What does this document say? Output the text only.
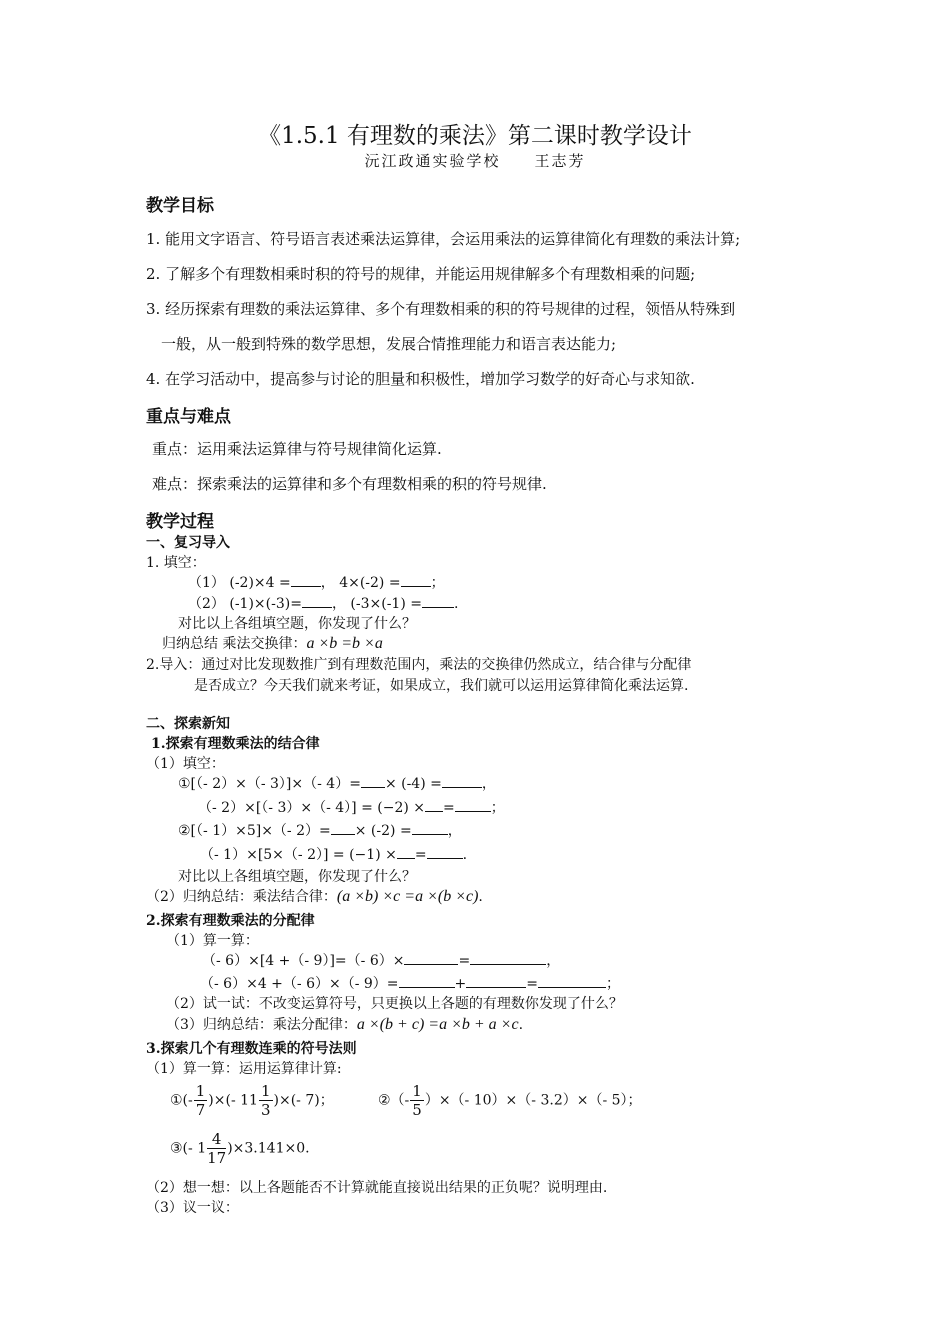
《1.5.1 有理数的乘法》第二课时教学设计
沅江政通实验学校　　王志芳
教学目标
1. 能用文字语言、符号语言表述乘法运算律，会运用乘法的运算律简化有理数的乘法计算;
2. 了解多个有理数相乘时积的符号的规律，并能运用规律解多个有理数相乘的问题;
3. 经历探索有理数的乘法运算律、多个有理数相乘的积的符号规律的过程，领悟从特殊到
一般，从一般到特殊的数学思想，发展合情推理能力和语言表达能力;
4. 在学习活动中，提高参与讨论的胆量和积极性，增加学习数学的好奇心与求知欲.
重点与难点
重点：运用乘法运算律与符号规律简化运算.
难点：探索乘法的运算律和多个有理数相乘的积的符号规律.
教学过程
一、复习导入
1. 填空：
（1） (-2)×4 = ， 4×(-2) = ；
（2） (-1)×(-3)= ， (-3×(-1) = .
对比以上各组填空题，你发现了什么？
归纳总结 乘法交换律：a ×b =b ×a
2.导入：通过对比发现数推广到有理数范围内，乘法的交换律仍然成立，结合律与分配律
是否成立？今天我们就来考证，如果成立，我们就可以运用运算律简化乘法运算.
二、探索新知
1.探索有理数乘法的结合律
（1）填空：
①[（- 2）×（- 3）]×（- 4）= × (-4) =	，
（- 2）×[（- 3）×（- 4）] = (−2) × =	；
②[（- 1）×5]×（- 2）= × (-2) =	，
（- 1）×[5×（- 2）] = (−1) × =	.
对比以上各组填空题，你发现了什么？
（2）归纳总结：乘法结合律：(a ×b) ×c =a ×(b ×c).
2.探索有理数乘法的分配律
（1）算一算：
（- 6）×[4 +（- 9）]=（- 6）×	=	，
（- 6）×4 +（- 6）×（- 9）=	+	=	；
（2）试一试：不改变运算符号，只更换以上各题的有理数你发现了什么？
（3）归纳总结：乘法分配律：a ×(b + c) =a ×b + a ×c.
3.探索几个有理数连乘的符号法则
（1）算一算：运用运算律计算:
①(- $\frac{1}{7}$ )×(- $11 \frac{1}{3}$ )×(- 7)；	②（- $\frac{1}{5}$ ）×（- 10）×（- 3.2）×（- 5）；
③(- $1 \frac{4}{17} )\times 3.141\times 0$.
（2）想一想：以上各题能否不计算就能直接说出结果的正负呢？说明理由.
（3）议一议：
